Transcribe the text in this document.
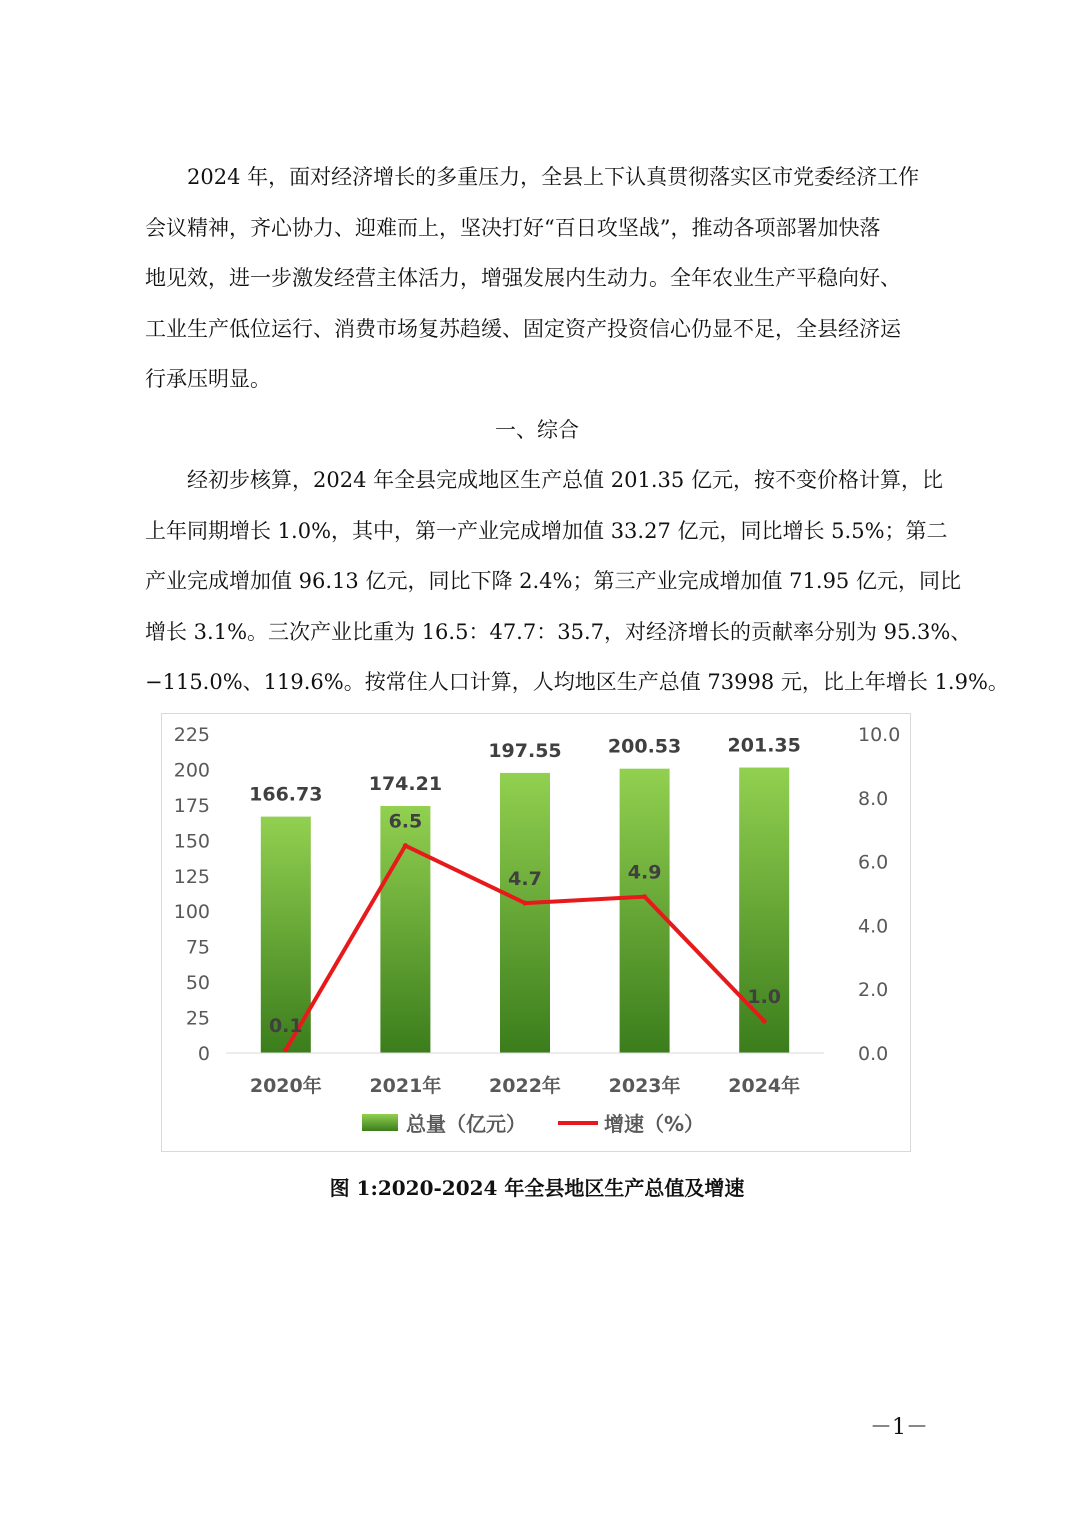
2024 年，面对经济增长的多重压力，全县上下认真贯彻落实区市党委经济工作
会议精神，齐心协力、迎难而上，坚决打好“百日攻坚战”，推动各项部署加快落
地见效，进一步激发经营主体活力，增强发展内生动力。全年农业生产平稳向好、
工业生产低位运行、消费市场复苏趋缓、固定资产投资信心仍显不足，全县经济运
行承压明显。
一、综合
经初步核算，2024 年全县完成地区生产总值 201.35 亿元，按不变价格计算，比
上年同期增长 1.0%，其中，第一产业完成增加值 33.27 亿元，同比增长 5.5%；第二
产业完成增加值 96.13 亿元，同比下降 2.4%；第三产业完成增加值 71.95 亿元，同比
增长 3.1%。三次产业比重为 16.5：47.7：35.7，对经济增长的贡献率分别为 95.3%、
−115.0%、119.6%。按常住人口计算，人均地区生产总值 73998 元，比上年增长 1.9%。
166.73 174.21
197.55 200.53 201.35
0.1
6.5
4.7	4.9
1.0
0
25
50
75
100
125
150
175
200
225
0.0
2.0
4.0
6.0
8.0
10.0
2020年	2021年	2022年	2023年	2024年
总量（亿元）	增速（%）
图 1:2020-2024 年全县地区生产总值及增速
－1－
